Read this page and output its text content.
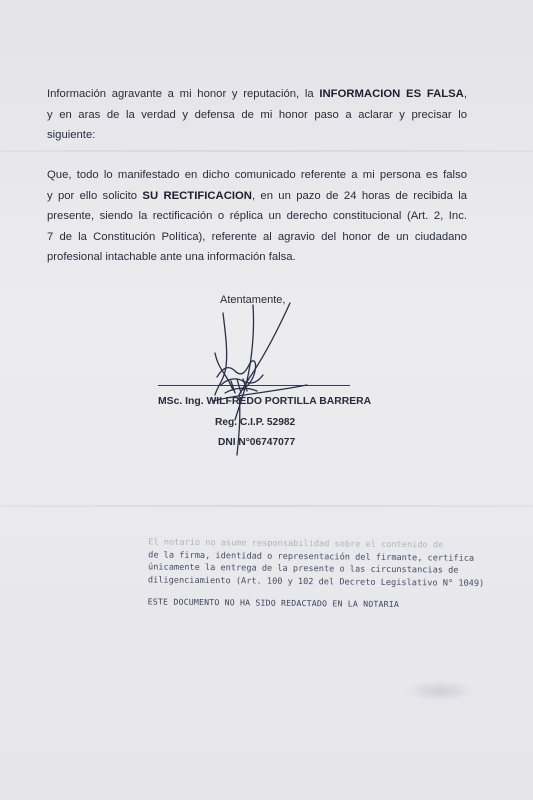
Información agravante a mi honor y reputación, la INFORMACION ES FALSA,
y en aras de la verdad y defensa de mi honor paso a aclarar y precisar lo
siguiente:
Que, todo lo manifestado en dicho comunicado referente a mi persona es falso
y por ello solicito SU RECTIFICACION, en un pazo de 24 horas de recibida la
presente, siendo la rectificación o réplica un derecho constitucional (Art. 2, Inc.
7 de la Constitución Política), referente al agravio del honor de un ciudadano
profesional intachable ante una información falsa.
Atentamente,
MSc. Ing. WILFREDO PORTILLA BARRERA
Reg. C.I.P. 52982
DNI N°06747077
El notario no asume responsabilidad sobre el contenido de
de la firma, identidad o representación del firmante, certifica
únicamente la entrega de la presente o las circunstancias de
diligenciamiento (Art. 100 y 102 del Decreto Legislativo N° 1049)
ESTE DOCUMENTO NO HA SIDO REDACTADO EN LA NOTARIA
